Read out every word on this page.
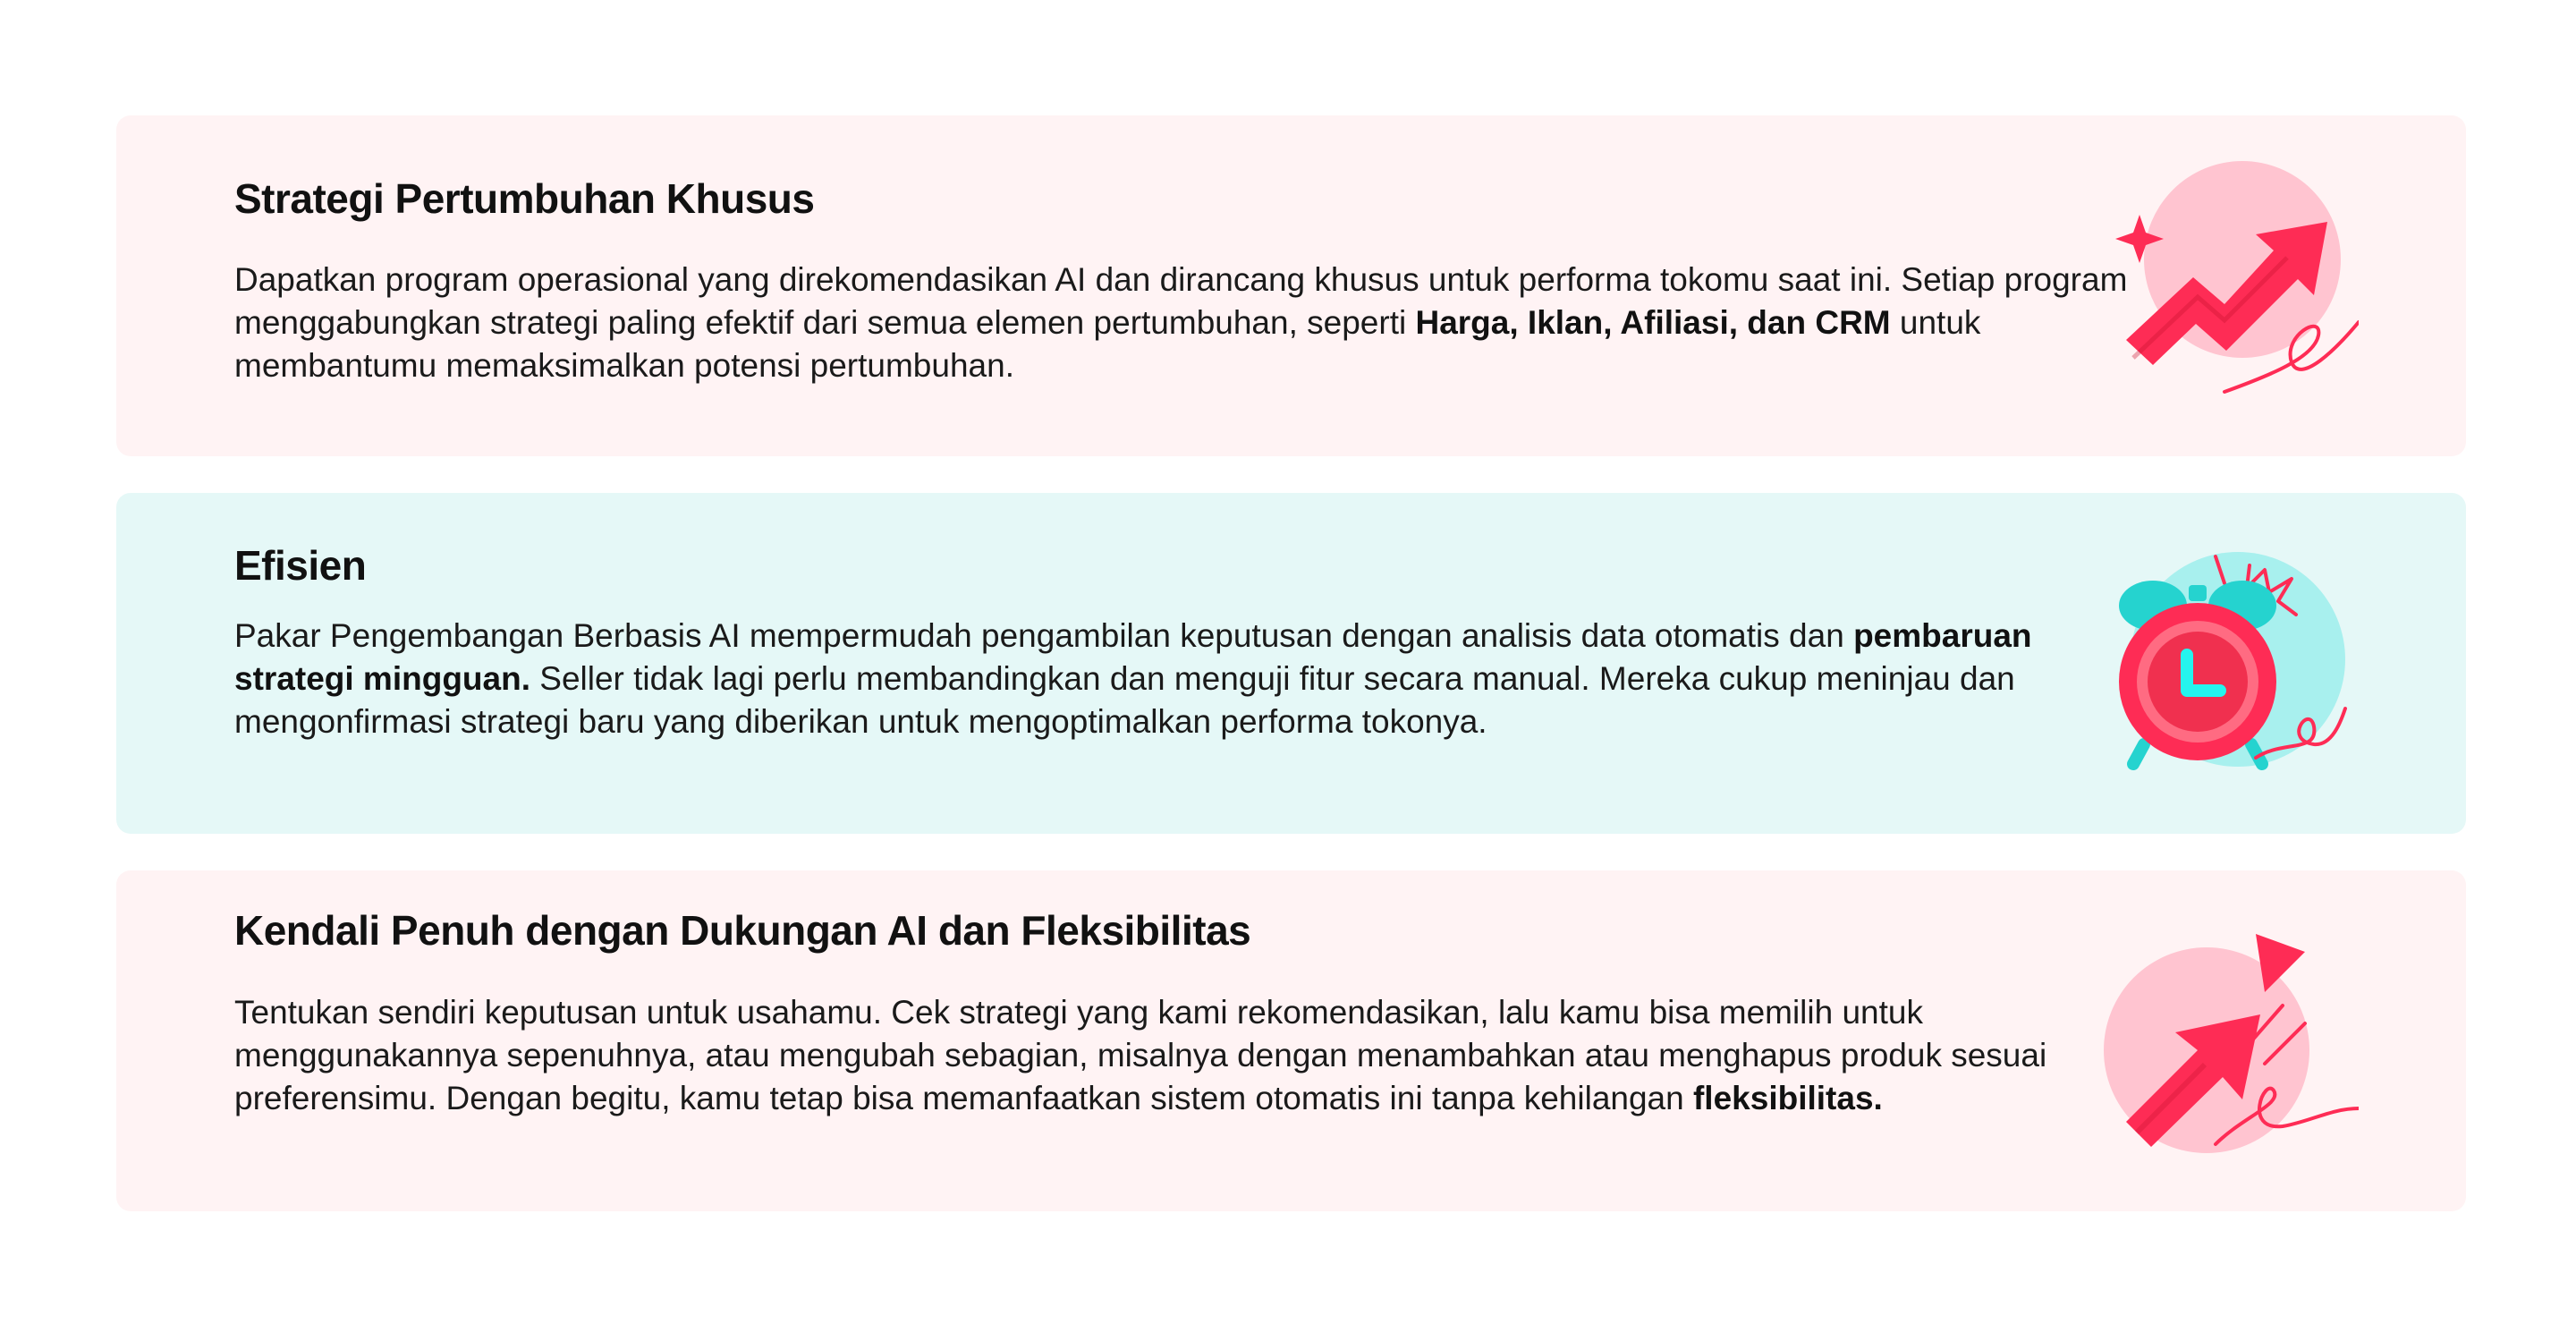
Strategi Pertumbuhan Khusus

Dapatkan program operasional yang direkomendasikan AI dan dirancang khusus untuk performa tokomu saat ini. Setiap program menggabungkan strategi paling efektif dari semua elemen pertumbuhan, seperti Harga, Iklan, Afiliasi, dan CRM untuk membantumu memaksimalkan potensi pertumbuhan.

Efisien

Pakar Pengembangan Berbasis AI mempermudah pengambilan keputusan dengan analisis data otomatis dan pembaruan strategi mingguan. Seller tidak lagi perlu membandingkan dan menguji fitur secara manual. Mereka cukup meninjau dan mengonfirmasi strategi baru yang diberikan untuk mengoptimalkan performa tokonya.

Kendali Penuh dengan Dukungan AI dan Fleksibilitas

Tentukan sendiri keputusan untuk usahamu. Cek strategi yang kami rekomendasikan, lalu kamu bisa memilih untuk menggunakannya sepenuhnya, atau mengubah sebagian, misalnya dengan menambahkan atau menghapus produk sesuai preferensimu. Dengan begitu, kamu tetap bisa memanfaatkan sistem otomatis ini tanpa kehilangan fleksibilitas.
